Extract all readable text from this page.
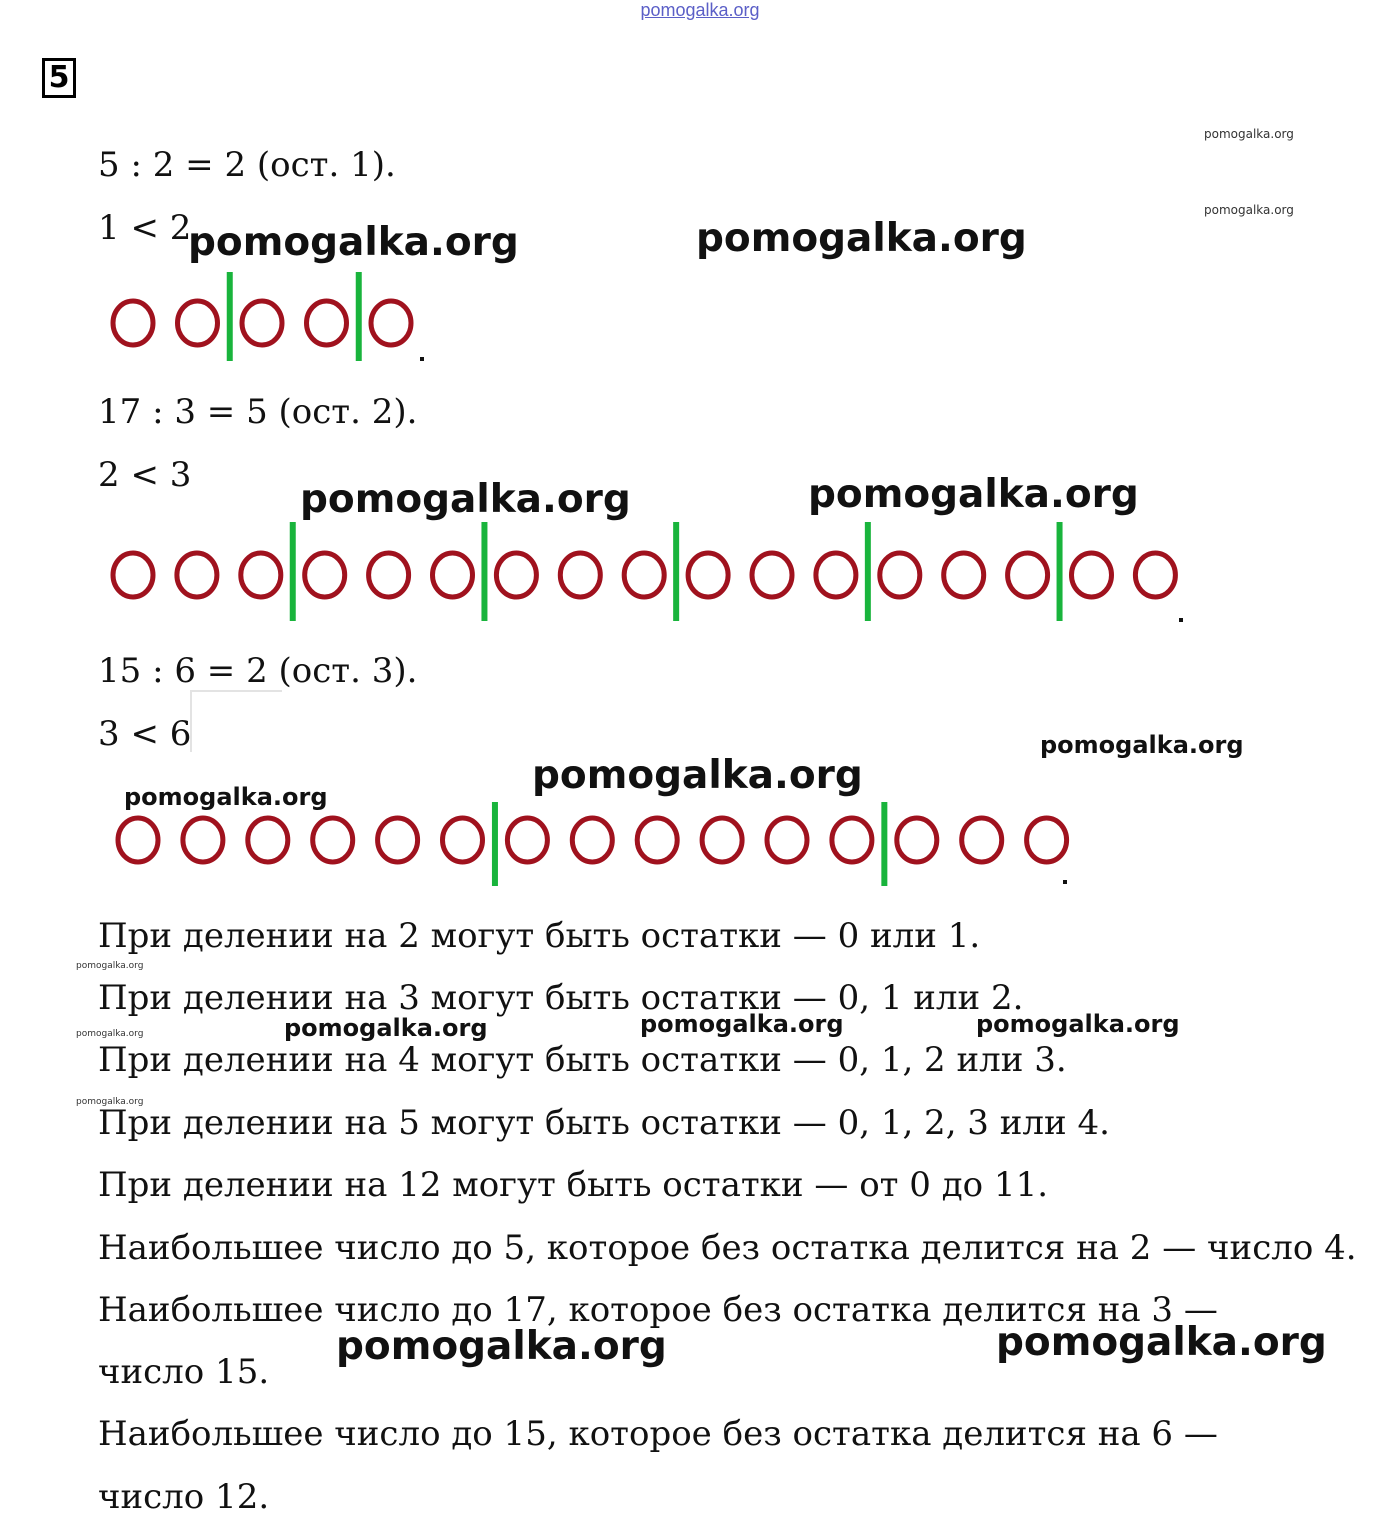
pomogalka.org
5
5 : 2 = 2 (ост. 1).
1 < 2
17 : 3 = 5 (ост. 2).
2 < 3
15 : 6 = 2 (ост. 3).
3 < 6
При делении на 2 могут быть остатки — 0 или 1.
При делении на 3 могут быть остатки — 0, 1 или 2.
При делении на 4 могут быть остатки — 0, 1, 2 или 3.
При делении на 5 могут быть остатки — 0, 1, 2, 3 или 4.
При делении на 12 могут быть остатки — от 0 до 11.
Наибольшее число до 5, которое без остатка делится на 2 — число 4.
Наибольшее число до 17, которое без остатка делится на 3 —
число 15.
Наибольшее число до 15, которое без остатка делится на 6 —
число 12.
pomogalka.org
pomogalka.org
pomogalka.org	pomogalka.org
pomogalka.org	pomogalka.org
pomogalka.org
pomogalka.org
pomogalka.org
pomogalka.org
pomogalka.org	pomogalka.org	pomogalka.org
pomogalka.org
pomogalka.org
pomogalka.org	pomogalka.org
